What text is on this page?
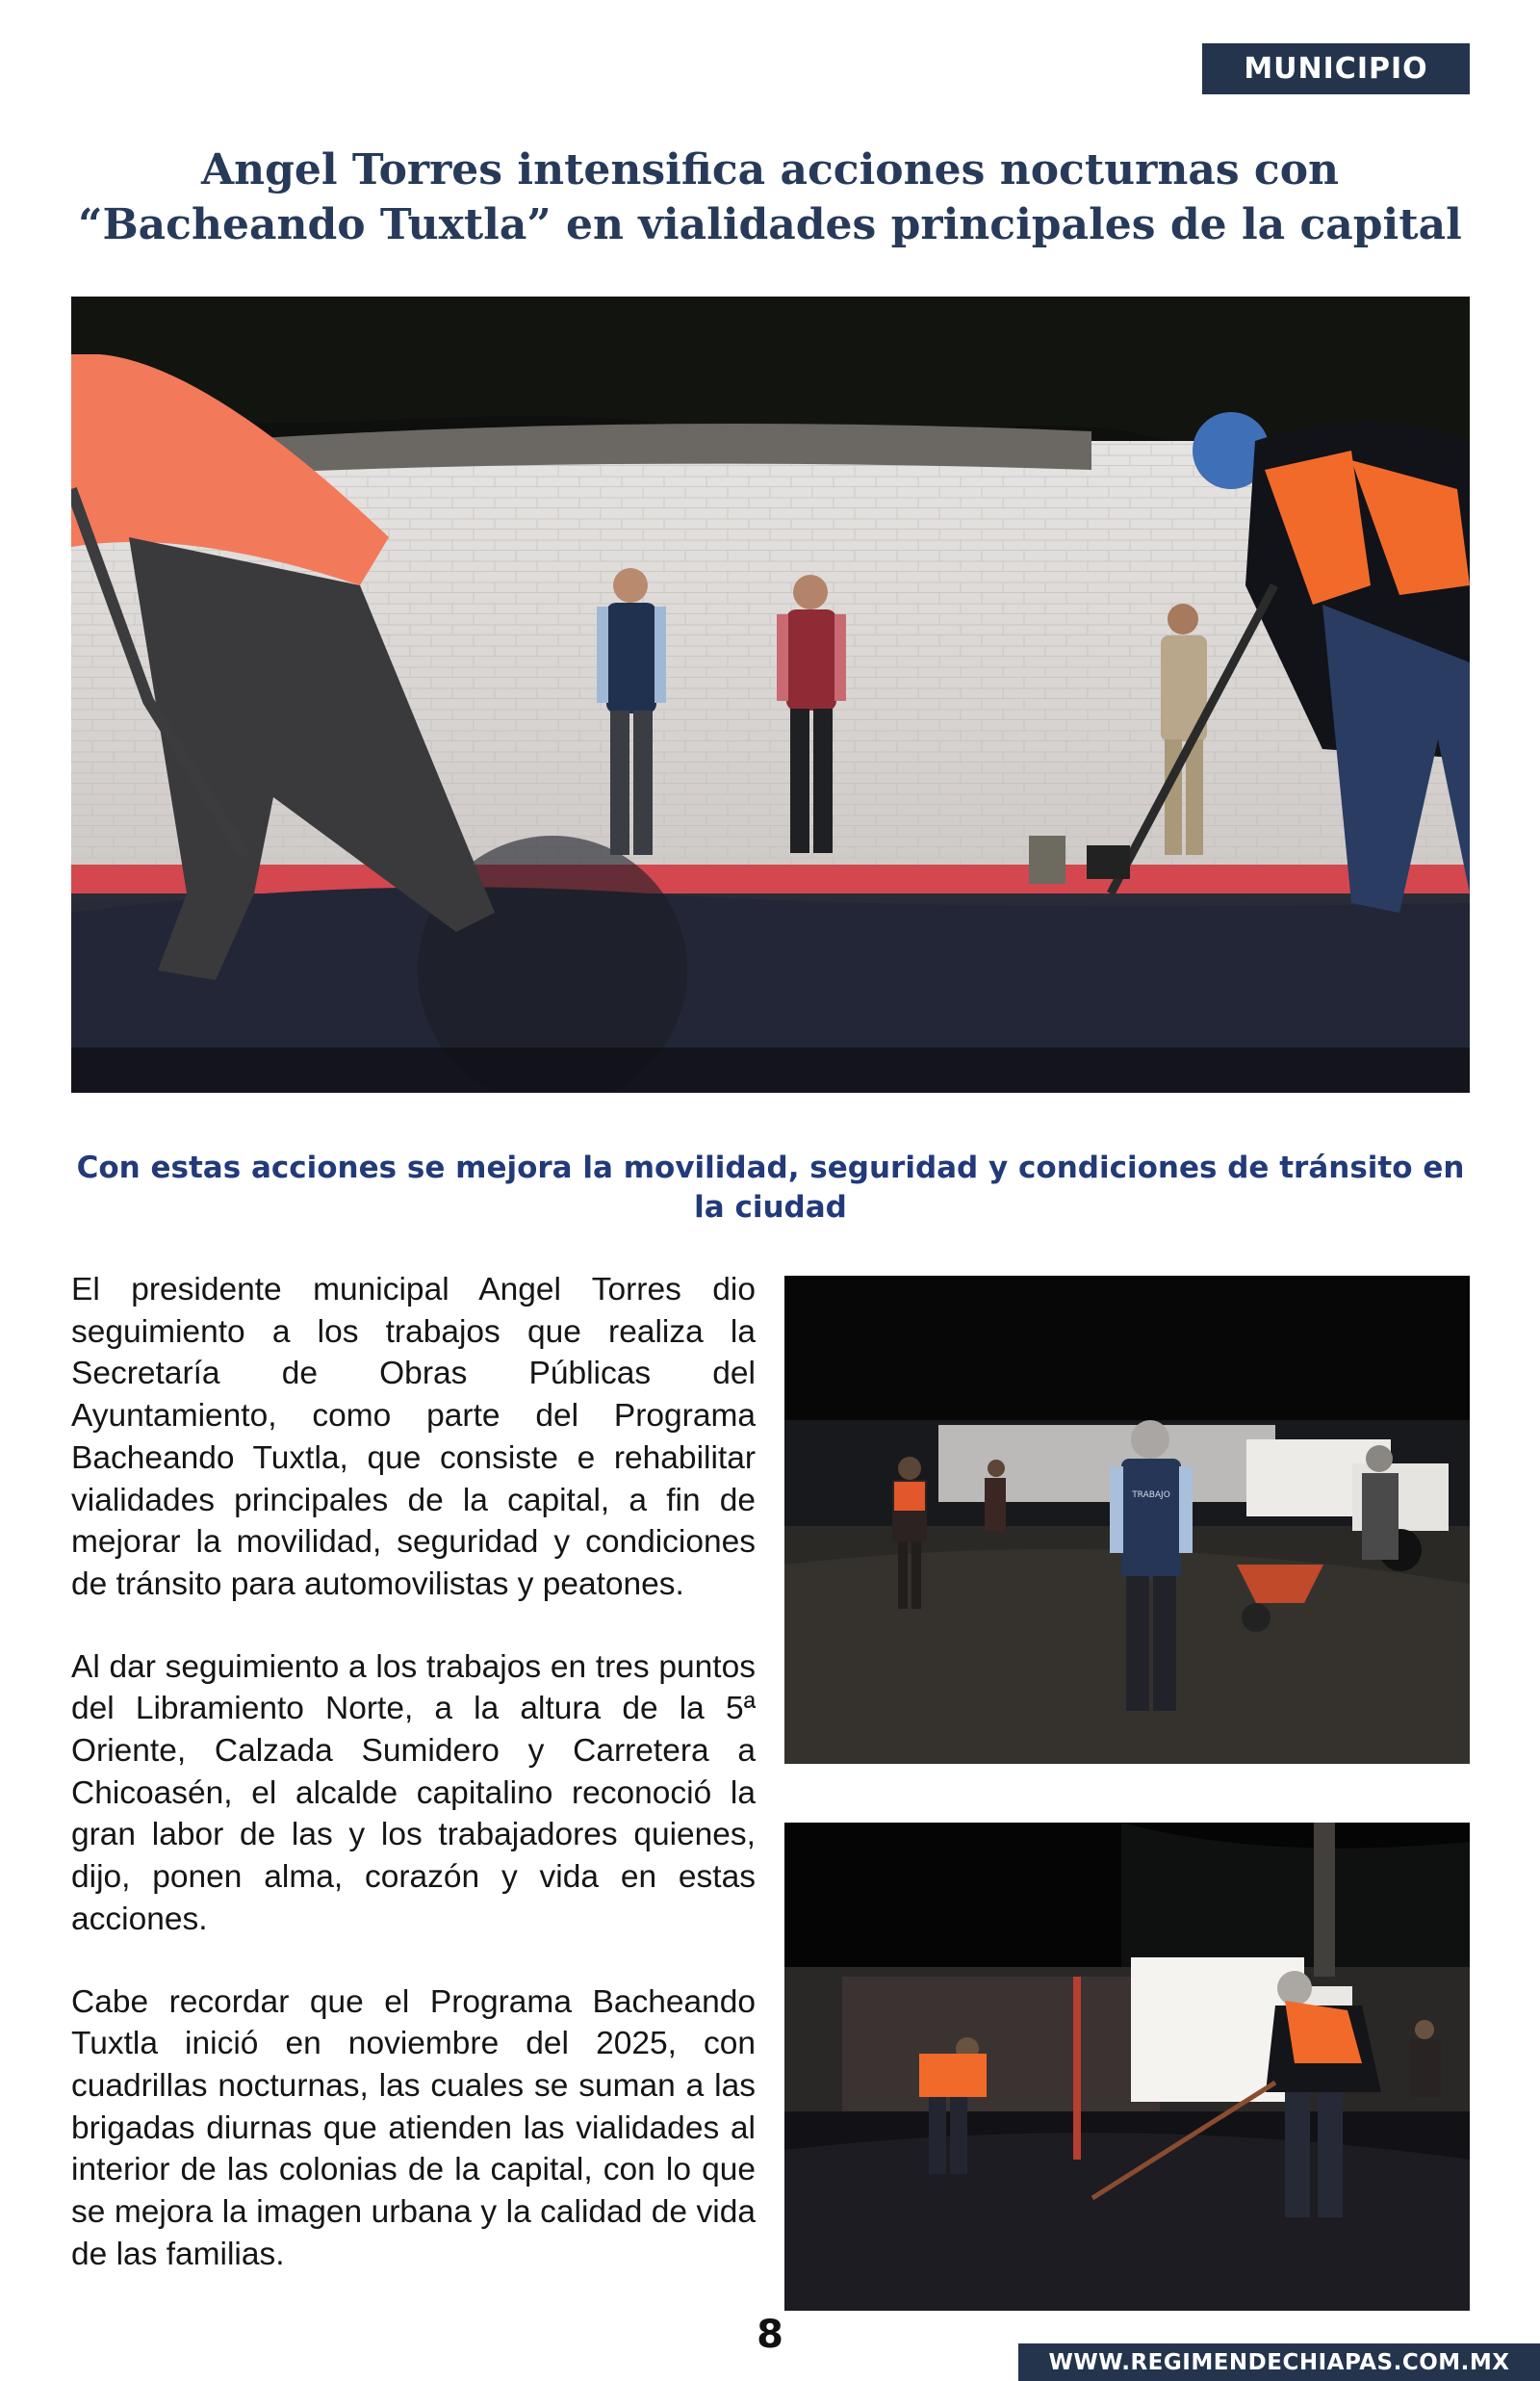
MUNICIPIO
Angel Torres intensifica acciones nocturnas con “Bacheando Tuxtla” en vialidades principales de la capital

Con estas acciones se mejora la movilidad, seguridad y condiciones de tránsito en la ciudad

El presidente municipal Angel Torres dio seguimiento a los trabajos que realiza la Secretaría de Obras Públicas del Ayuntamiento, como parte del Programa Bacheando Tuxtla, que consiste e rehabilitar vialidades principales de la capital, a fin de mejorar la movilidad, seguridad y condiciones de tránsito para automovilistas y peatones.

Al dar seguimiento a los trabajos en tres puntos del Libramiento Norte, a la altura de la 5ª Oriente, Calzada Sumidero y Carretera a Chicoasén, el alcalde capitalino reconoció la gran labor de las y los trabajadores quienes, dijo, ponen alma, corazón y vida en estas acciones.

Cabe recordar que el Programa Bacheando Tuxtla inició en noviembre del 2025, con cuadrillas nocturnas, las cuales se suman a las brigadas diurnas que atienden las vialidades al interior de las colonias de la capital, con lo que se mejora la imagen urbana y la calidad de vida de las familias.

TRABAJO
8
WWW.REGIMENDECHIAPAS.COM.MX
